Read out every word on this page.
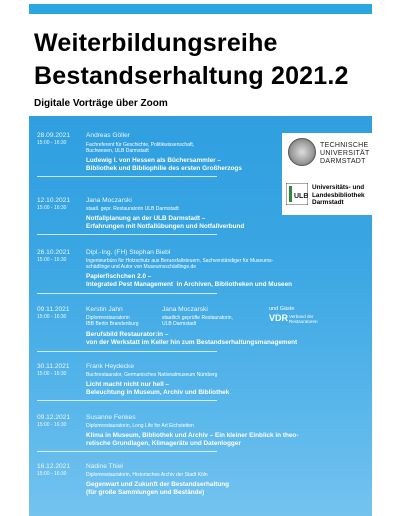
Weiterbildungsreihe
Bestandserhaltung 2021.2
Digitale Vorträge über Zoom
TECHNISCHE
UNIVERSITÄT
DARMSTADT
ULB
Universitäts- und
Landesbibliothek
Darmstadt
28.09.2021
15:00 - 16:30
Andreas Göller
Fachreferent für Geschichte, Politikwissenschaft,
Buchwesen, ULB Darmstadt
Ludewig I. von Hessen als Büchersammler –
Bibliothek und Bibliophilie des ersten Großherzogs
12.10.2021
15:00 - 16:30
Jana Moczarski
staatl. gepr. Restauratorin ULB Darmstadt
Notfallplanung an der ULB Darmstadt –
Erfahrungen mit Notfallübungen und Notfallverbund
26.10.2021
15:00 - 16:30
Dipl.-Ing. (FH) Stephan Biebl
Ingenieurbüro für Holzschutz aus Beruesfallsteuern, Sachverständiger für Museums-
schädlinge und Autor von Museumsschädlinge.de
Papierfischchen 2.0 –
Integrated Pest Management  in Archiven, Bibliotheken und Museen
09.11.2021
15:00 - 16:30
Kerstin Jahn	Jana Moczarski
Diplomrestauratorin
IBB Berlin Brandenburg
staatlich geprüfte Restauratorin,
ULB Darmstadt
und Gäste
VDR Verband der
Restauratoren
Berufsbild Restaurator:in –
von der Werkstatt im Keller hin zum Bestandserhaltungsmanagement
30.11.2021
15:00 - 16:30
Frank Heydecke
Buchrestaurator, Germanisches Nationalmuseum Nürnberg
Licht macht nicht nur hell –
Beleuchtung in Museum, Archiv und Bibliothek
09.12.2021
15:00 - 16:30
Susanne Fenkes
Diplomrestauratorin, Long Life for Art Eichstetten
Klima in Museum, Bibliothek und Archiv – Ein kleiner Einblick in theo-
retische Grundlagen, Klimageräte und Datenlogger
16.12.2021
15:00 - 16:30
Nadine Thiel
Diplomrestauratorin, Historisches Archiv der Stadt Köln
Gegenwart und Zukunft der Bestandserhaltung
(für große Sammlungen und Bestände)
